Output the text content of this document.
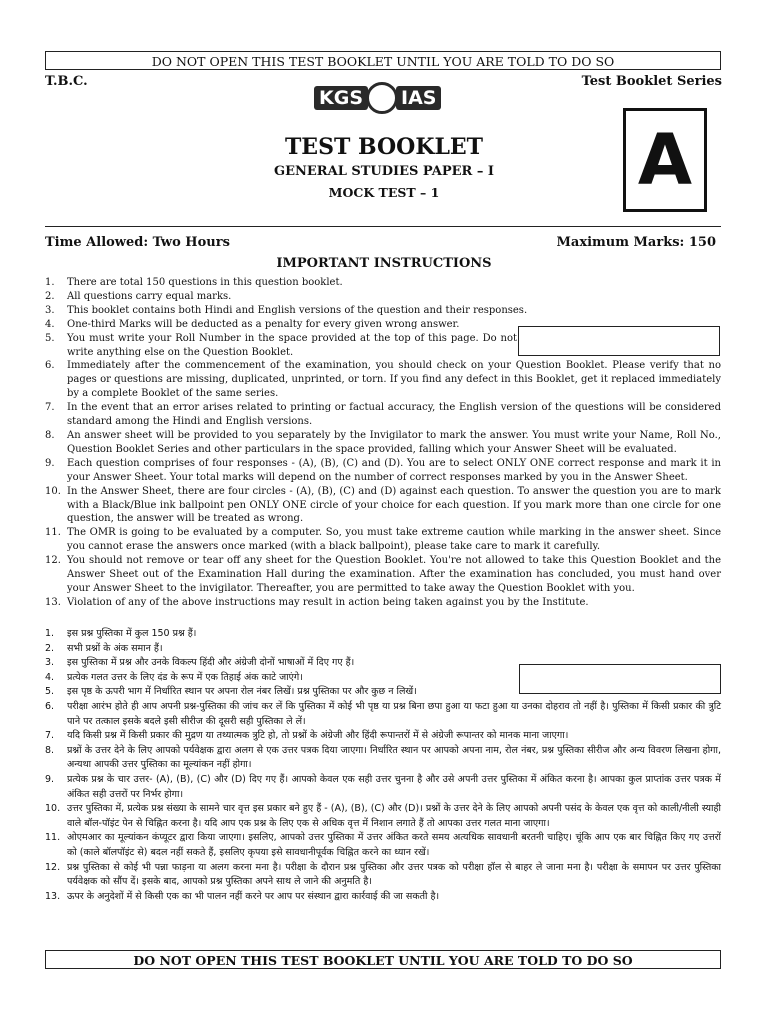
DO NOT OPEN THIS TEST BOOKLET UNTIL YOU ARE TOLD TO DO SO
T.B.C.	Test Booklet Series
KGS IAS
A
TEST BOOKLET
GENERAL STUDIES PAPER – I
MOCK TEST – 1
Time Allowed: Two Hours	Maximum Marks: 150
IMPORTANT INSTRUCTIONS
1. There are total 150 questions in this question booklet.
2. All questions carry equal marks.
3. This booklet contains both Hindi and English versions of the question and their responses.
4. One-third Marks will be deducted as a penalty for every given wrong answer.
5. You must write your Roll Number in the space provided at the top of this page. Do not write anything else on the Question Booklet.
6. Immediately after the commencement of the examination, you should check on your Question Booklet. Please verify that no pages or questions are missing, duplicated, unprinted, or torn. If you find any defect in this Booklet, get it replaced immediately by a complete Booklet of the same series.
7. In the event that an error arises related to printing or factual accuracy, the English version of the questions will be considered standard among the Hindi and English versions.
8. An answer sheet will be provided to you separately by the Invigilator to mark the answer. You must write your Name, Roll No., Question Booklet Series and other particulars in the space provided, falling which your Answer Sheet will be evaluated.
9. Each question comprises of four responses - (A), (B), (C) and (D). You are to select ONLY ONE correct response and mark it in your Answer Sheet. Your total marks will depend on the number of correct responses marked by you in the Answer Sheet.
10. In the Answer Sheet, there are four circles - (A), (B), (C) and (D) against each question. To answer the question you are to mark with a Black/Blue ink ballpoint pen ONLY ONE circle of your choice for each question. If you mark more than one circle for one question, the answer will be treated as wrong.
11. The OMR is going to be evaluated by a computer. So, you must take extreme caution while marking in the answer sheet. Since you cannot erase the answers once marked (with a black ballpoint), please take care to mark it carefully.
12. You should not remove or tear off any sheet for the Question Booklet. You're not allowed to take this Question Booklet and the Answer Sheet out of the Examination Hall during the examination. After the examination has concluded, you must hand over your Answer Sheet to the invigilator. Thereafter, you are permitted to take away the Question Booklet with you.
13. Violation of any of the above instructions may result in action being taken against you by the Institute.
1. इस प्रश्न पुस्तिका में कुल 150 प्रश्न हैं।
2. सभी प्रश्नों के अंक समान हैं।
3. इस पुस्तिका में प्रश्न और उनके विकल्प हिंदी और अंग्रेजी दोनों भाषाओं में दिए गए हैं।
4. प्रत्येक गलत उत्तर के लिए दंड के रूप में एक तिहाई अंक काटे जाएंगे।
5. इस पृष्ठ के ऊपरी भाग में निर्धारित स्थान पर अपना रोल नंबर लिखें। प्रश्न पुस्तिका पर और कुछ न लिखें।
6. परीक्षा आरंभ होते ही आप अपनी प्रश्न-पुस्तिका की जांच कर लें कि पुस्तिका में कोई भी पृष्ठ या प्रश्न बिना छपा हुआ या फटा हुआ या उनका दोहराव तो नहीं है। पुस्तिका में किसी प्रकार की त्रुटि पाने पर तत्काल इसके बदले इसी सीरीज की दूसरी सही पुस्तिका ले लें।
7. यदि किसी प्रश्न में किसी प्रकार की मुद्रण या तथ्यात्मक त्रुटि हो, तो प्रश्नों के अंग्रेजी और हिंदी रूपान्तरों में से अंग्रेजी रूपान्तर को मानक माना जाएगा।
8. प्रश्नों के उत्तर देने के लिए आपको पर्यवेक्षक द्वारा अलग से एक उत्तर पत्रक दिया जाएगा। निर्धारित स्थान पर आपको अपना नाम, रोल नंबर, प्रश्न पुस्तिका सीरीज और अन्य विवरण लिखना होगा, अन्यथा आपकी उत्तर पुस्तिका का मूल्यांकन नहीं होगा।
9. प्रत्येक प्रश्न के चार उत्तर- (A), (B), (C) और (D) दिए गए हैं। आपको केवल एक सही उत्तर चुनना है और उसे अपनी उत्तर पुस्तिका में अंकित करना है। आपका कुल प्राप्तांक उत्तर पत्रक में अंकित सही उत्तरों पर निर्भर होगा।
10. उत्तर पुस्तिका में, प्रत्येक प्रश्न संख्या के सामने चार वृत्त इस प्रकार बने हुए हैं - (A), (B), (C) और (D)। प्रश्नों के उत्तर देने के लिए आपको अपनी पसंद के केवल एक वृत्त को काली/नीली स्याही वाले बॉल-पॉइंट पेन से चिह्नित करना है। यदि आप एक प्रश्न के लिए एक से अधिक वृत्त में निशान लगाते हैं तो आपका उत्तर गलत माना जाएगा।
11. ओएमआर का मूल्यांकन कंप्यूटर द्वारा किया जाएगा। इसलिए, आपको उत्तर पुस्तिका में उत्तर अंकित करते समय अत्यधिक सावधानी बरतनी चाहिए। चूंकि आप एक बार चिह्नित किए गए उत्तरों को (काले बॉलपॉइंट से) बदल नहीं सकते हैं, इसलिए कृपया इसे सावधानीपूर्वक चिह्नित करने का ध्यान रखें।
12. प्रश्न पुस्तिका से कोई भी पन्ना फाड़ना या अलग करना मना है। परीक्षा के दौरान प्रश्न पुस्तिका और उत्तर पत्रक को परीक्षा हॉल से बाहर ले जाना मना है। परीक्षा के समापन पर उत्तर पुस्तिका पर्यवेक्षक को सौंप दें। इसके बाद, आपको प्रश्न पुस्तिका अपने साथ ले जाने की अनुमति है।
13. ऊपर के अनुदेशों में से किसी एक का भी पालन नहीं करने पर आप पर संस्थान द्वारा कार्रवाई की जा सकती है।
DO NOT OPEN THIS TEST BOOKLET UNTIL YOU ARE TOLD TO DO SO
